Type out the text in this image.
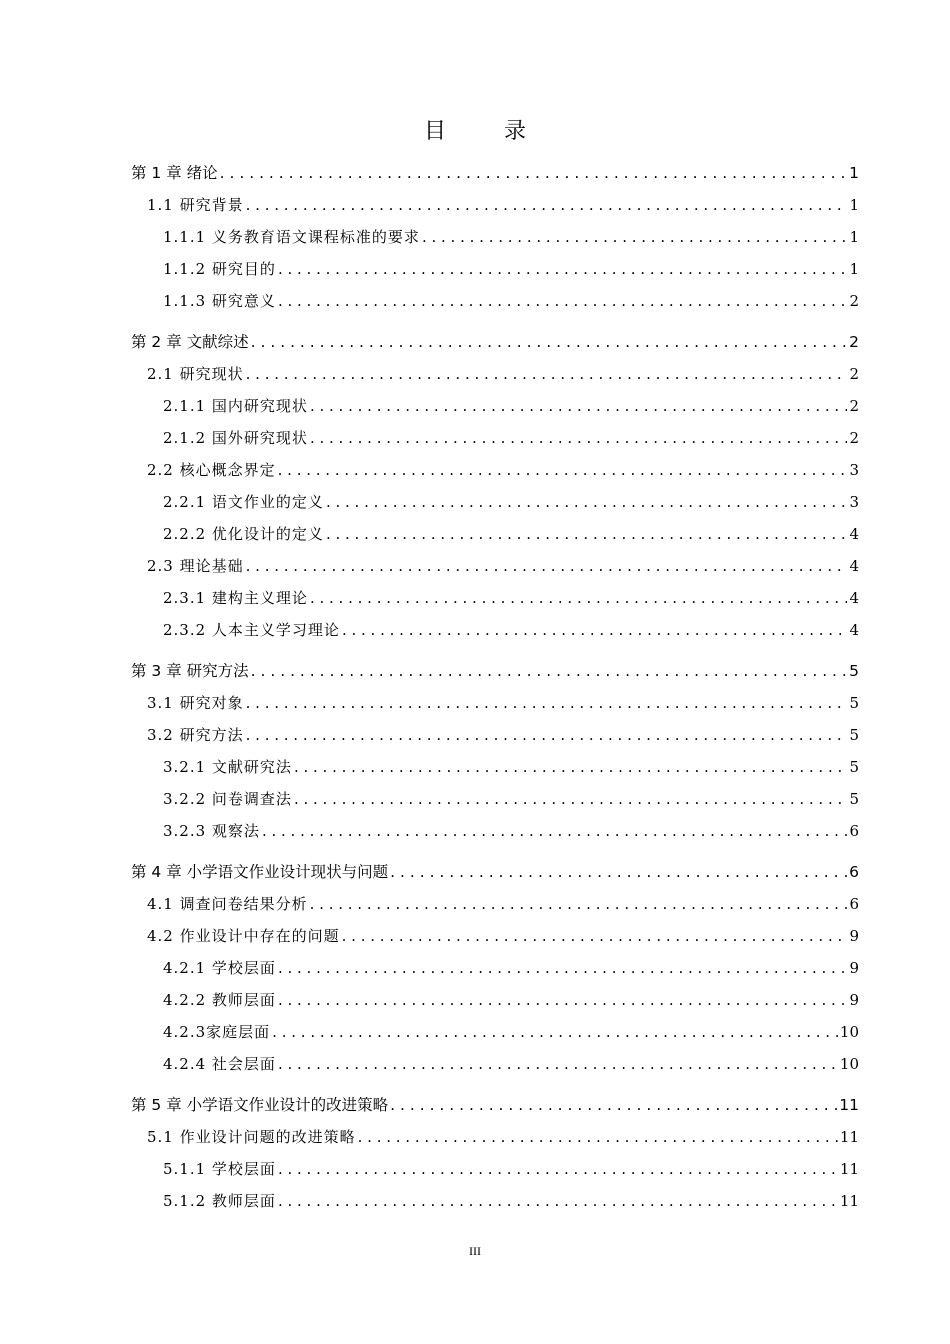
目　录
第 1 章 绪论 . . .	1
1.1 研究背景 . . .	1
1.1.1 义务教育语文课程标准的要求 . . .	1
1.1.2 研究目的 . . .	1
1.1.3 研究意义 . . .	2
第 2 章 文献综述 . . .	2
2.1 研究现状 . . .	2
2.1.1 国内研究现状 . . .	2
2.1.2 国外研究现状 . . .	2
2.2 核心概念界定 . . .	3
2.2.1 语文作业的定义 . . .	3
2.2.2 优化设计的定义 . . .	4
2.3 理论基础 . . .	4
2.3.1 建构主义理论 . . .	4
2.3.2 人本主义学习理论 . . .	4
第 3 章 研究方法 . . .	5
3.1 研究对象 . . .	5
3.2 研究方法 . . .	5
3.2.1 文献研究法 . . .	5
3.2.2 问卷调查法 . . .	5
3.2.3 观察法 . . .	6
第 4 章 小学语文作业设计现状与问题 . . .	6
4.1 调查问卷结果分析 . . .	6
4.2 作业设计中存在的问题 . . .	9
4.2.1 学校层面 . . .	9
4.2.2 教师层面 . . .	9
4.2.3家庭层面 . . .	10
4.2.4 社会层面 . . .	10
第 5 章 小学语文作业设计的改进策略 . . .	11
5.1 作业设计问题的改进策略 . . .	11
5.1.1 学校层面 . . .	11
5.1.2 教师层面 . . .	11
III
